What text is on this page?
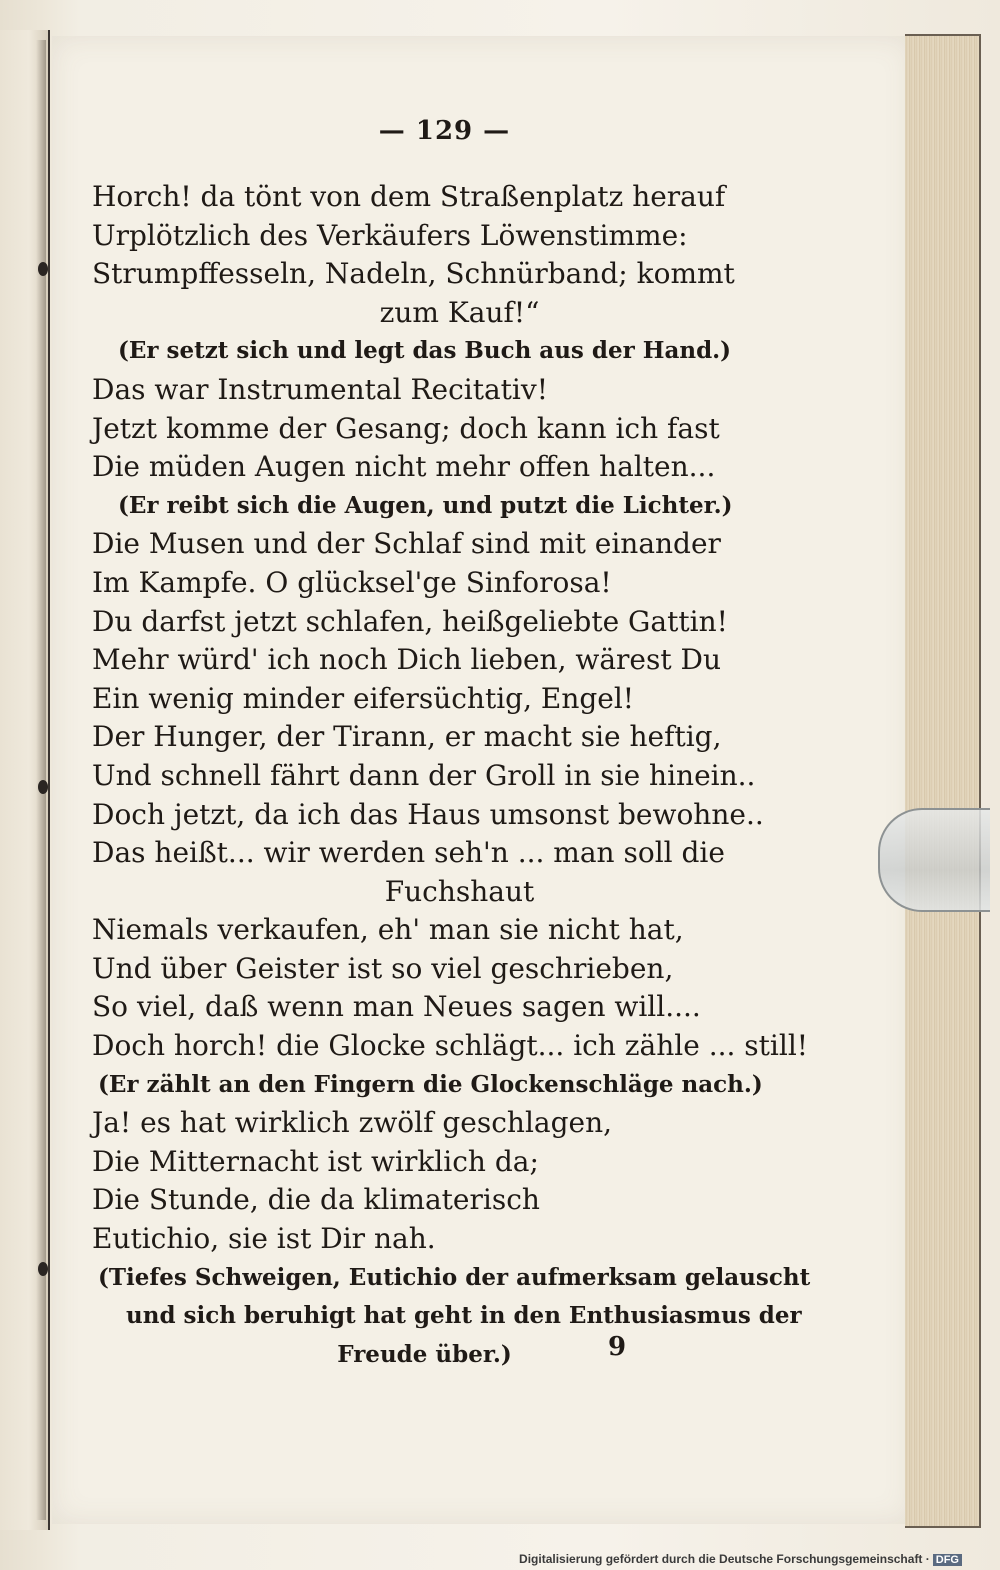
— 129 —
Horch! da tönt von dem Straßenplatz herauf
Urplötzlich des Verkäufers Löwenstimme:
Strumpffesseln, Nadeln, Schnürband; kommt
zum Kauf!“
(Er setzt sich und legt das Buch aus der Hand.)
Das war Instrumental Recitativ!
Jetzt komme der Gesang; doch kann ich fast
Die müden Augen nicht mehr offen halten...
(Er reibt sich die Augen, und putzt die Lichter.)
Die Musen und der Schlaf sind mit einander
Im Kampfe. O glücksel'ge Sinforosa!
Du darfst jetzt schlafen, heißgeliebte Gattin!
Mehr würd' ich noch Dich lieben, wärest Du
Ein wenig minder eifersüchtig, Engel!
Der Hunger, der Tirann, er macht sie heftig,
Und schnell fährt dann der Groll in sie hinein..
Doch jetzt, da ich das Haus umsonst bewohne..
Das heißt... wir werden seh'n ... man soll die
Fuchshaut
Niemals verkaufen, eh' man sie nicht hat,
Und über Geister ist so viel geschrieben,
So viel, daß wenn man Neues sagen will....
Doch horch! die Glocke schlägt... ich zähle ... still!
(Er zählt an den Fingern die Glockenschläge nach.)
Ja! es hat wirklich zwölf geschlagen,
Die Mitternacht ist wirklich da;
Die Stunde, die da klimaterisch
Eutichio, sie ist Dir nah.
(Tiefes Schweigen, Eutichio der aufmerksam gelauscht
und sich beruhigt hat geht in den Enthusiasmus der
Freude über.)	9
Digitalisierung gefördert durch die Deutsche Forschungsgemeinschaft · DFG
